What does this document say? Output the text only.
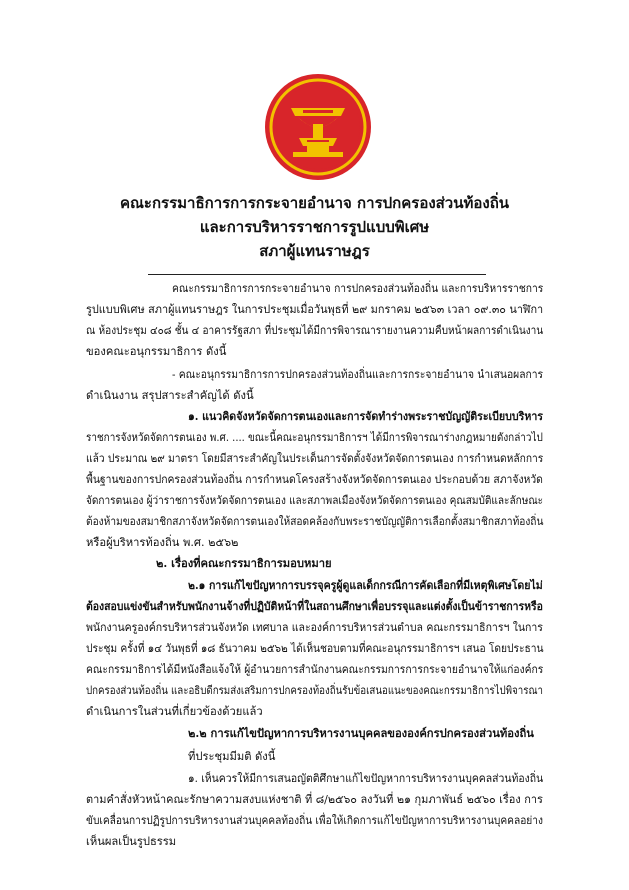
คณะกรรมาธิการการกระจายอำนาจ การปกครองส่วนท้องถิ่น
และการบริหารราชการรูปแบบพิเศษ
สภาผู้แทนราษฎร
คณะกรรมาธิการการกระจายอำนาจ การปกครองส่วนท้องถิ่น และการบริหารราชการ
รูปแบบพิเศษ สภาผู้แทนราษฎร ในการประชุมเมื่อวันพุธที่ ๒๙ มกราคม ๒๕๖๓ เวลา ๐๙.๓๐ นาฬิกา
ณ ห้องประชุม ๔๐๘ ชั้น ๔ อาคารรัฐสภา ที่ประชุมได้มีการพิจารณารายงานความคืบหน้าผลการดำเนินงาน
ของคณะอนุกรรมาธิการ ดังนี้
- คณะอนุกรรมาธิการการปกครองส่วนท้องถิ่นและการกระจายอำนาจ นำเสนอผลการ
ดำเนินงาน สรุปสาระสำคัญได้ ดังนี้
๑. แนวคิดจังหวัดจัดการตนเองและการจัดทำร่างพระราชบัญญัติระเบียบบริหาร
ราชการจังหวัดจัดการตนเอง พ.ศ. .... ขณะนี้คณะอนุกรรมาธิการฯ ได้มีการพิจารณาร่างกฎหมายดังกล่าวไป
แล้ว ประมาณ ๒๙ มาตรา โดยมีสาระสำคัญในประเด็นการจัดตั้งจังหวัดจัดการตนเอง การกำหนดหลักการ
พื้นฐานของการปกครองส่วนท้องถิ่น การกำหนดโครงสร้างจังหวัดจัดการตนเอง ประกอบด้วย สภาจังหวัด
จัดการตนเอง ผู้ว่าราชการจังหวัดจัดการตนเอง และสภาพลเมืองจังหวัดจัดการตนเอง คุณสมบัติและลักษณะ
ต้องห้ามของสมาชิกสภาจังหวัดจัดการตนเองให้สอดคล้องกับพระราชบัญญัติการเลือกตั้งสมาชิกสภาท้องถิ่น
หรือผู้บริหารท้องถิ่น พ.ศ. ๒๕๖๒
๒. เรื่องที่คณะกรรมาธิการมอบหมาย
๒.๑ การแก้ไขปัญหาการบรรจุครูผู้ดูแลเด็กกรณีการคัดเลือกที่มีเหตุพิเศษโดยไม่
ต้องสอบแข่งขันสำหรับพนักงานจ้างที่ปฏิบัติหน้าที่ในสถานศึกษาเพื่อบรรจุและแต่งตั้งเป็นข้าราชการหรือ
พนักงานครูองค์กรบริหารส่วนจังหวัด เทศบาล และองค์การบริหารส่วนตำบล คณะกรรมาธิการฯ ในการ
ประชุม ครั้งที่ ๑๔ วันพุธที่ ๑๘ ธันวาคม ๒๕๖๒ ได้เห็นชอบตามที่คณะอนุกรรมาธิการฯ เสนอ โดยประธาน
คณะกรรมาธิการได้มีหนังสือแจ้งให้ ผู้อำนวยการสำนักงานคณะกรรมการการกระจายอำนาจให้แก่องค์กร
ปกครองส่วนท้องถิ่น และอธิบดีกรมส่งเสริมการปกครองท้องถิ่นรับข้อเสนอแนะของคณะกรรมาธิการไปพิจารณา
ดำเนินการในส่วนที่เกี่ยวข้องด้วยแล้ว
๒.๒ การแก้ไขปัญหาการบริหารงานบุคคลขององค์กรปกครองส่วนท้องถิ่น
ที่ประชุมมีมติ ดังนี้
๑. เห็นควรให้มีการเสนอญัตติศึกษาแก้ไขปัญหาการบริหารงานบุคคลส่วนท้องถิ่น
ตามคำสั่งหัวหน้าคณะรักษาความสงบแห่งชาติ ที่ ๘/๒๕๖๐ ลงวันที่ ๒๑ กุมภาพันธ์ ๒๕๖๐ เรื่อง การ
ขับเคลื่อนการปฏิรูปการบริหารงานส่วนบุคคลท้องถิ่น เพื่อให้เกิดการแก้ไขปัญหาการบริหารงานบุคคลอย่าง
เห็นผลเป็นรูปธรรม
